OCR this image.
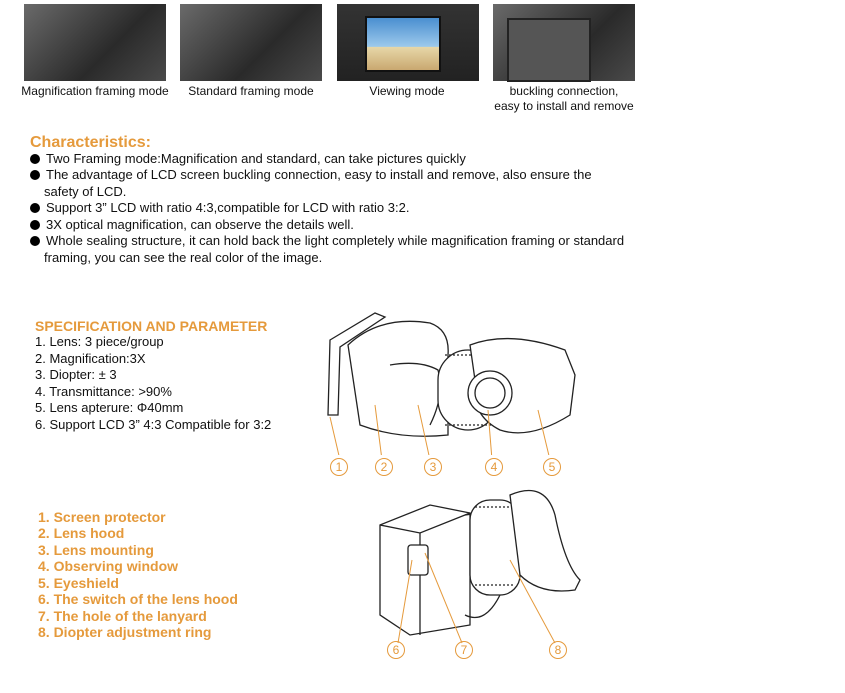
Magnification framing mode	Standard framing mode	Viewing mode	buckling connection,
easy to install and remove
Characteristics:
Two Framing mode:Magnification and standard, can take pictures quickly
The advantage of LCD screen buckling connection, easy to install and remove, also ensure the
safety of LCD.
Support 3” LCD with ratio 4:3,compatible for LCD with ratio 3:2.
3X optical magnification, can observe the details well.
Whole sealing structure, it can hold back the light completely while magnification framing or standard
framing, you can see the real color of the image.
SPECIFICATION AND PARAMETER
1. Lens: 3 piece/group
2. Magnification:3X
3. Diopter: ± 3
4. Transmittance: >90%
5. Lens apterure: Φ40mm
6. Support LCD 3” 4:3 Compatible for 3:2
1	2	3	4	5
1. Screen protector
2. Lens hood
3. Lens mounting
4. Observing window
5. Eyeshield
6. The switch of the lens hood
7. The hole of the lanyard
8. Diopter adjustment ring
6	7	8
